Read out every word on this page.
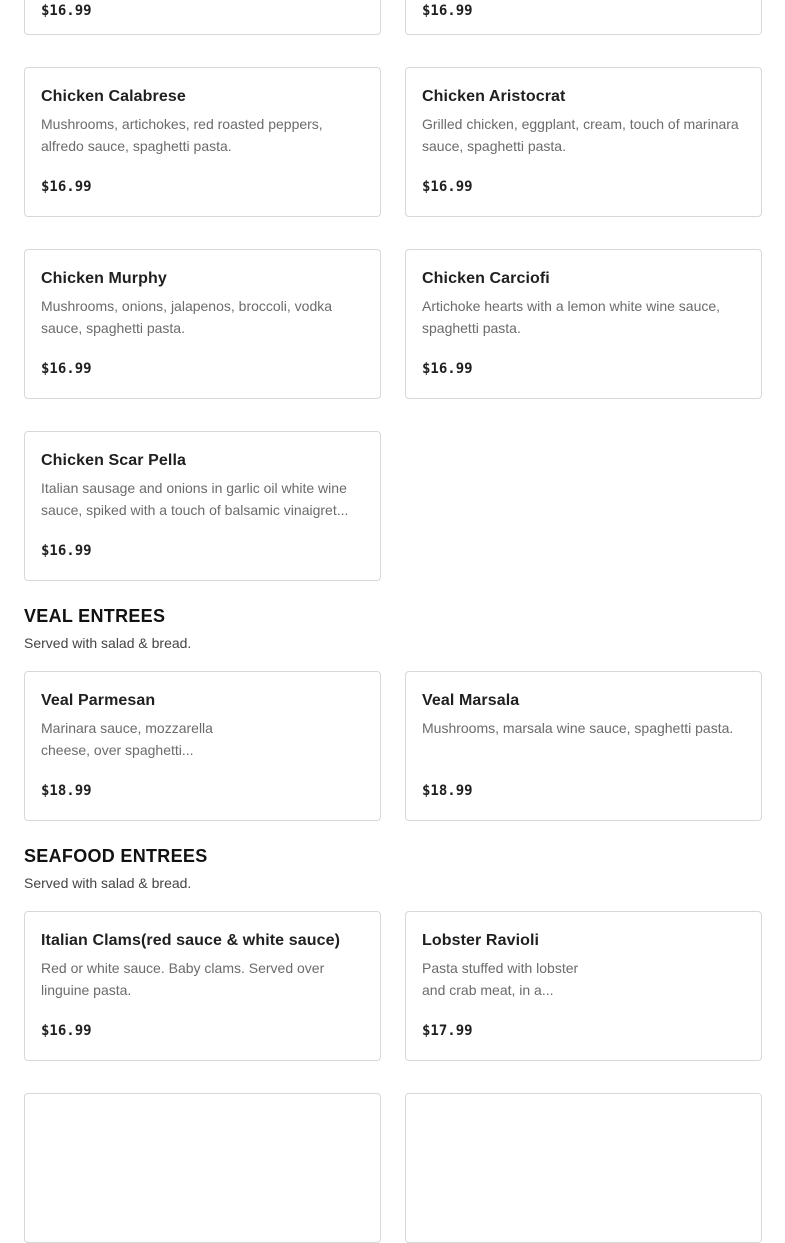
$16.99	$16.99
Chicken Calabrese
Mushrooms, artichokes, red roasted peppers, alfredo sauce, spaghetti pasta.
$16.99
Chicken Aristocrat
Grilled chicken, eggplant, cream, touch of marinara sauce, spaghetti pasta.
$16.99
Chicken Murphy
Mushrooms, onions, jalapenos, broccoli, vodka sauce, spaghetti pasta.
$16.99
Chicken Carciofi
Artichoke hearts with a lemon white wine sauce, spaghetti pasta.
$16.99
Chicken Scar Pella
Italian sausage and onions in garlic oil white wine sauce, spiked with a touch of balsamic vinaigret...
$16.99
VEAL ENTREES
Served with salad & bread.
Veal Parmesan
Marinara sauce, mozzarella cheese, over spaghetti...
$18.99
Veal Marsala
Mushrooms, marsala wine sauce, spaghetti pasta.
$18.99
SEAFOOD ENTREES
Served with salad & bread.
Italian Clams(red sauce & white sauce)
Red or white sauce. Baby clams. Served over linguine pasta.
$16.99
Lobster Ravioli
Pasta stuffed with lobster and crab meat, in a...
$17.99
